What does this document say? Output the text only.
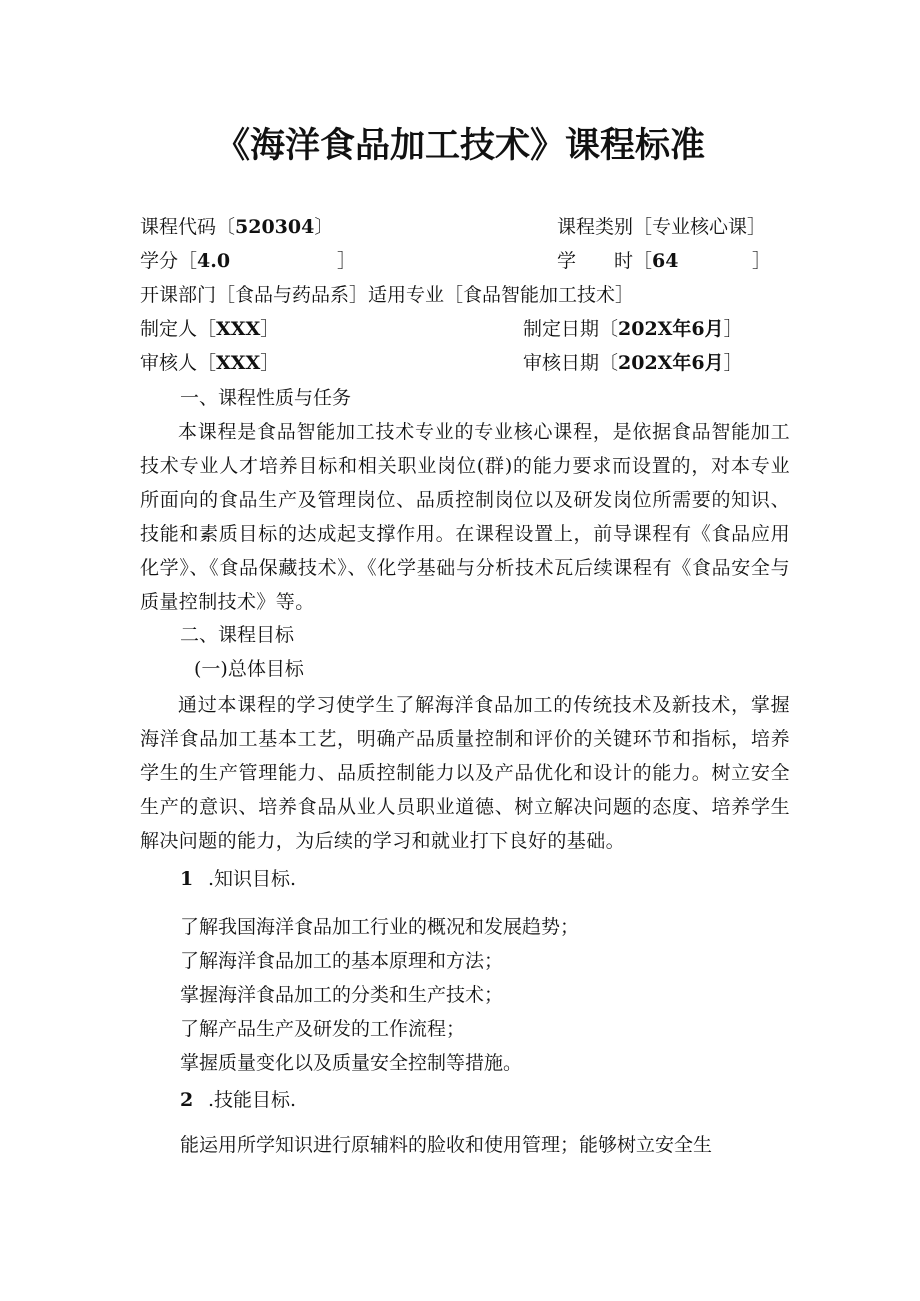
《海洋食品加工技术》课程标准
课程代码〔520304〕	课程类别［专业核心课］
学分［4.0	］	学　　时［64	］
开课部门［食品与药品系］适用专业［食品智能加工技术］
制定人［XXX］	制定日期〔202X年6月］
审核人［XXX］	审核日期〔202X年6月］
一、课程性质与任务
本课程是食品智能加工技术专业的专业核心课程，是依据食品智能加工技术专业人才培养目标和相关职业岗位(群)的能力要求而设置的，对本专业所面向的食品生产及管理岗位、品质控制岗位以及研发岗位所需要的知识、技能和素质目标的达成起支撑作用。在课程设置上，前导课程有《食品应用化学》、《食品保藏技术》、《化学基础与分析技术瓦后续课程有《食品安全与质量控制技术》等。
二、课程目标
(一)总体目标
通过本课程的学习使学生了解海洋食品加工的传统技术及新技术，掌握海洋食品加工基本工艺，明确产品质量控制和评价的关键环节和指标，培养学生的生产管理能力、品质控制能力以及产品优化和设计的能力。树立安全生产的意识、培养食品从业人员职业道德、树立解决问题的态度、培养学生解决问题的能力，为后续的学习和就业打下良好的基础。
1 .知识目标.
了解我国海洋食品加工行业的概况和发展趋势；
了解海洋食品加工的基本原理和方法；
掌握海洋食品加工的分类和生产技术；
了解产品生产及研发的工作流程；
掌握质量变化以及质量安全控制等措施。
2 .技能目标.
能运用所学知识进行原辅料的脸收和使用管理；能够树立安全生
